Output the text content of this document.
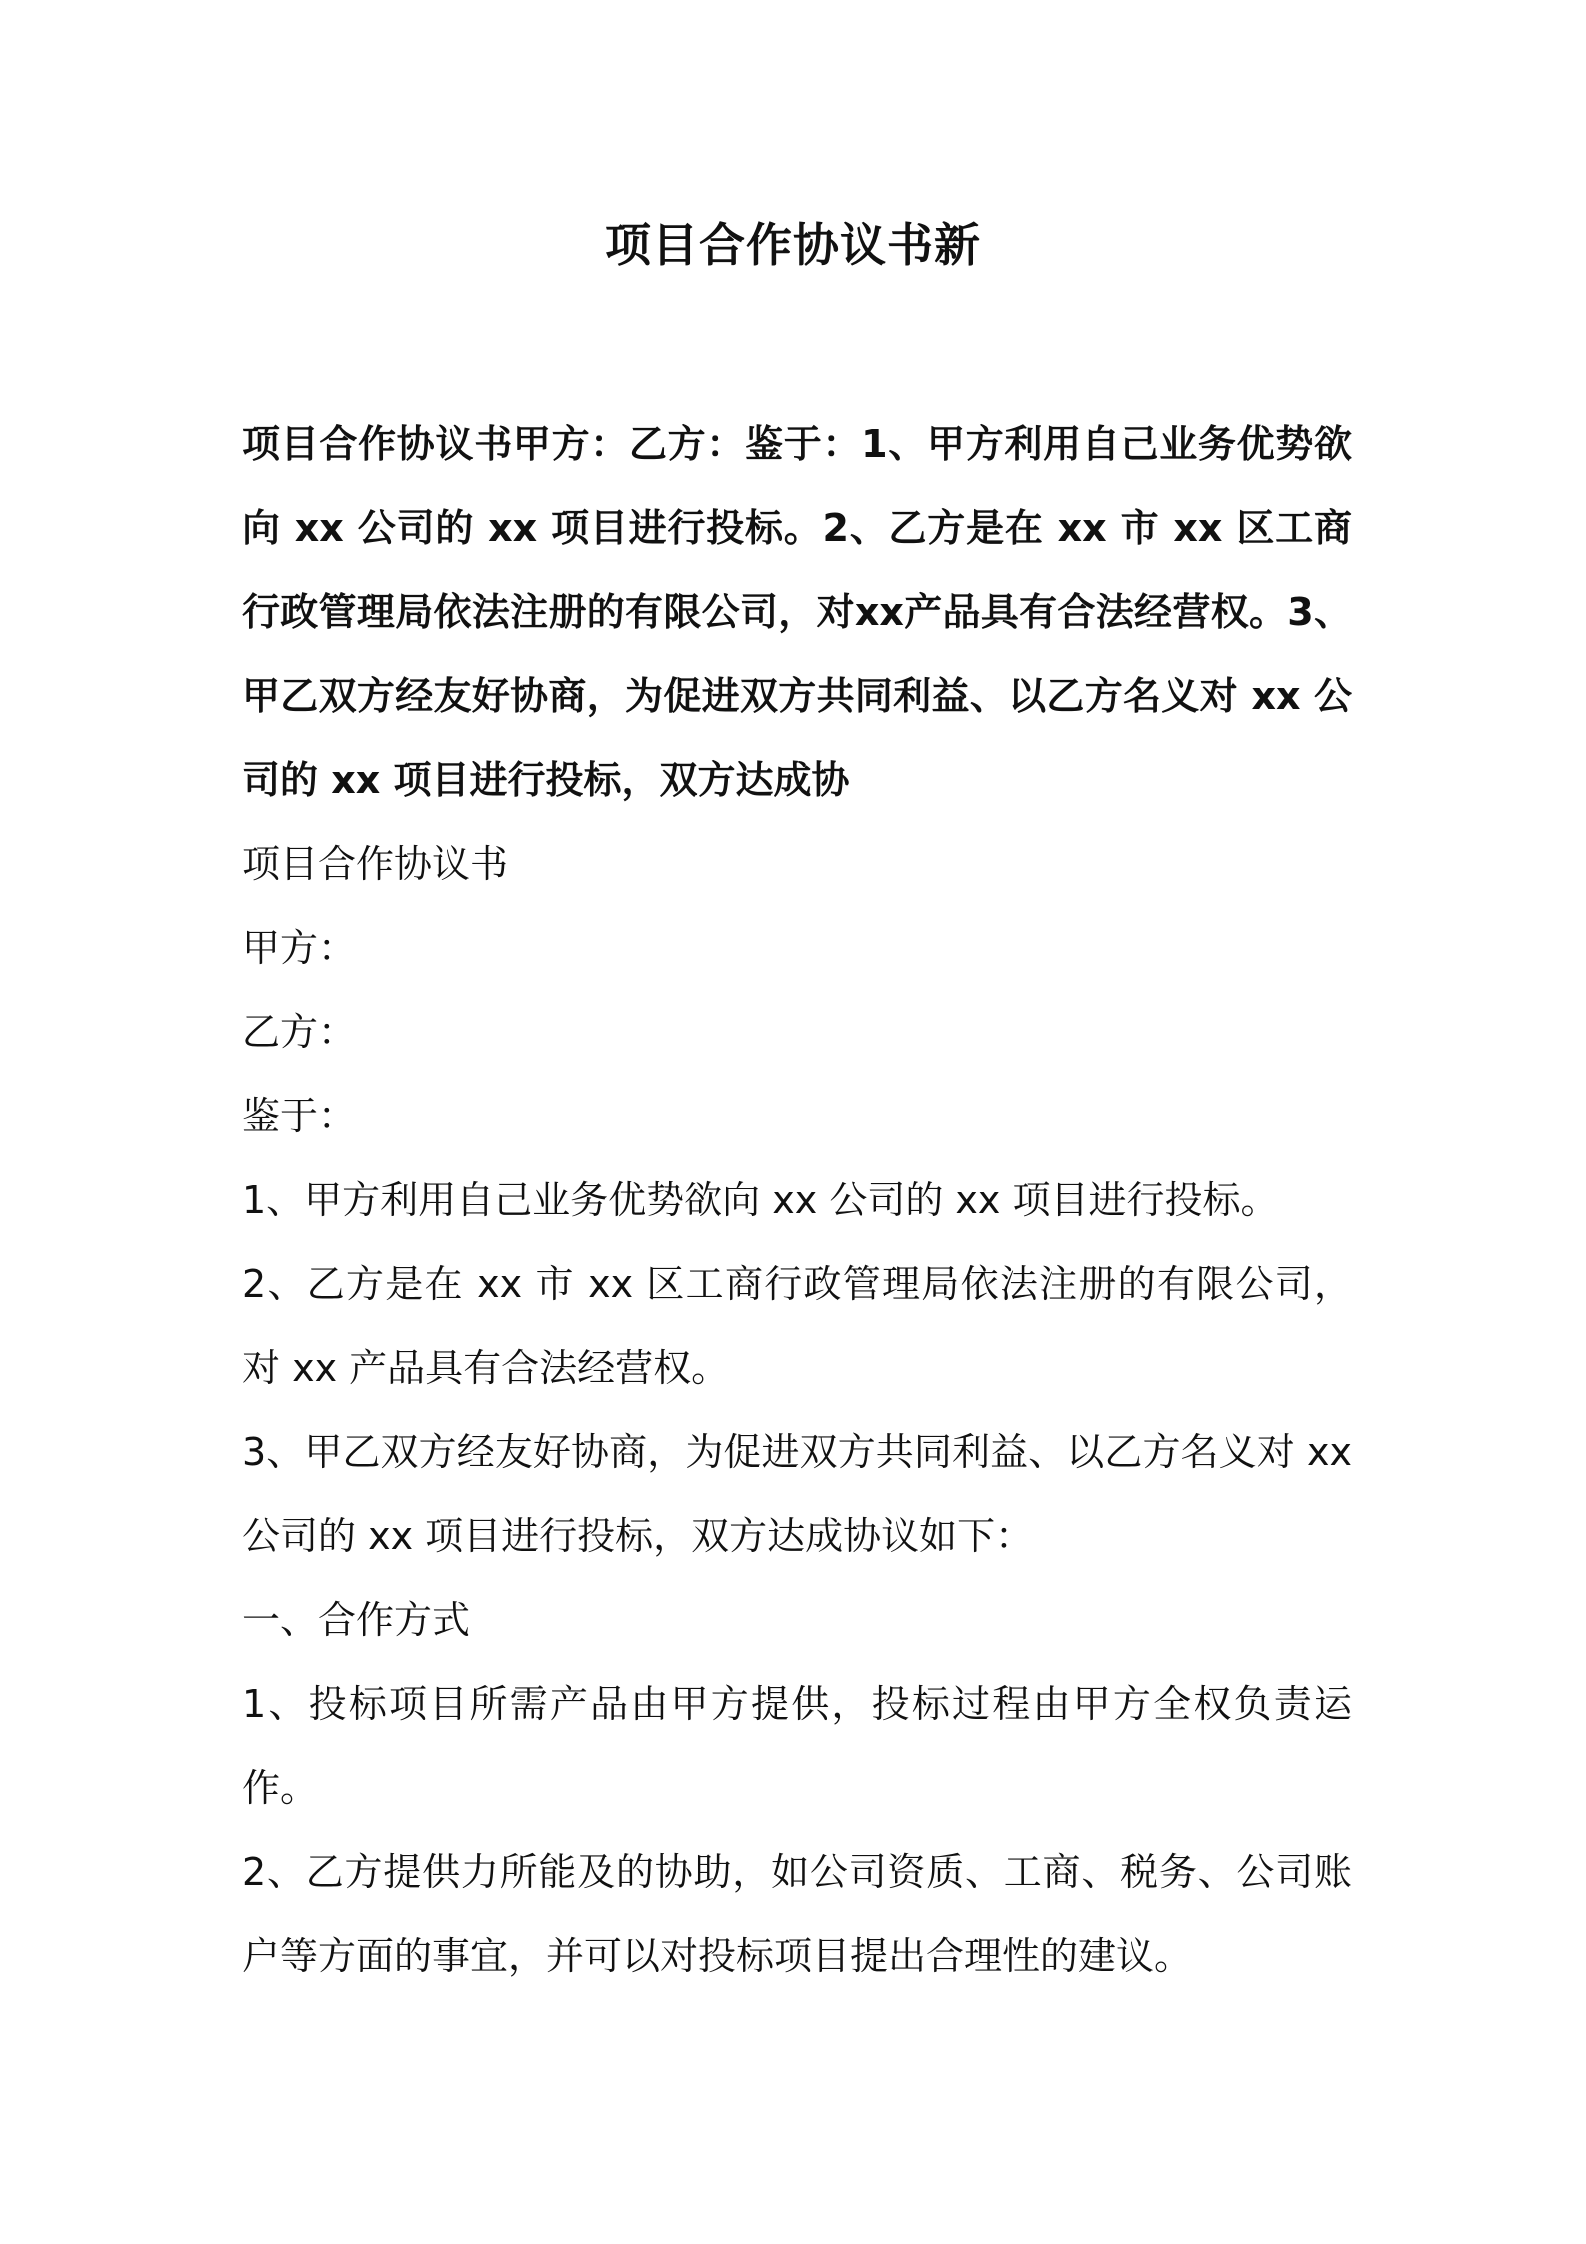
项目合作协议书新

项目合作协议书甲方：乙方：鉴于：1、甲方利用自己业务优势欲向 xx 公司的 xx 项目进行投标。2、乙方是在 xx 市 xx 区工商行政管理局依法注册的有限公司，对xx产品具有合法经营权。3、甲乙双方经友好协商，为促进双方共同利益、以乙方名义对 xx 公司的 xx 项目进行投标，双方达成协

项目合作协议书

甲方：

乙方：

鉴于：

1、甲方利用自己业务优势欲向 xx 公司的 xx 项目进行投标。

2、乙方是在 xx 市 xx 区工商行政管理局依法注册的有限公司，对 xx 产品具有合法经营权。

3、甲乙双方经友好协商，为促进双方共同利益、以乙方名义对 xx 公司的 xx 项目进行投标，双方达成协议如下：

一、合作方式

1、投标项目所需产品由甲方提供，投标过程由甲方全权负责运作。

2、乙方提供力所能及的协助，如公司资质、工商、税务、公司账户等方面的事宜，并可以对投标项目提出合理性的建议。
